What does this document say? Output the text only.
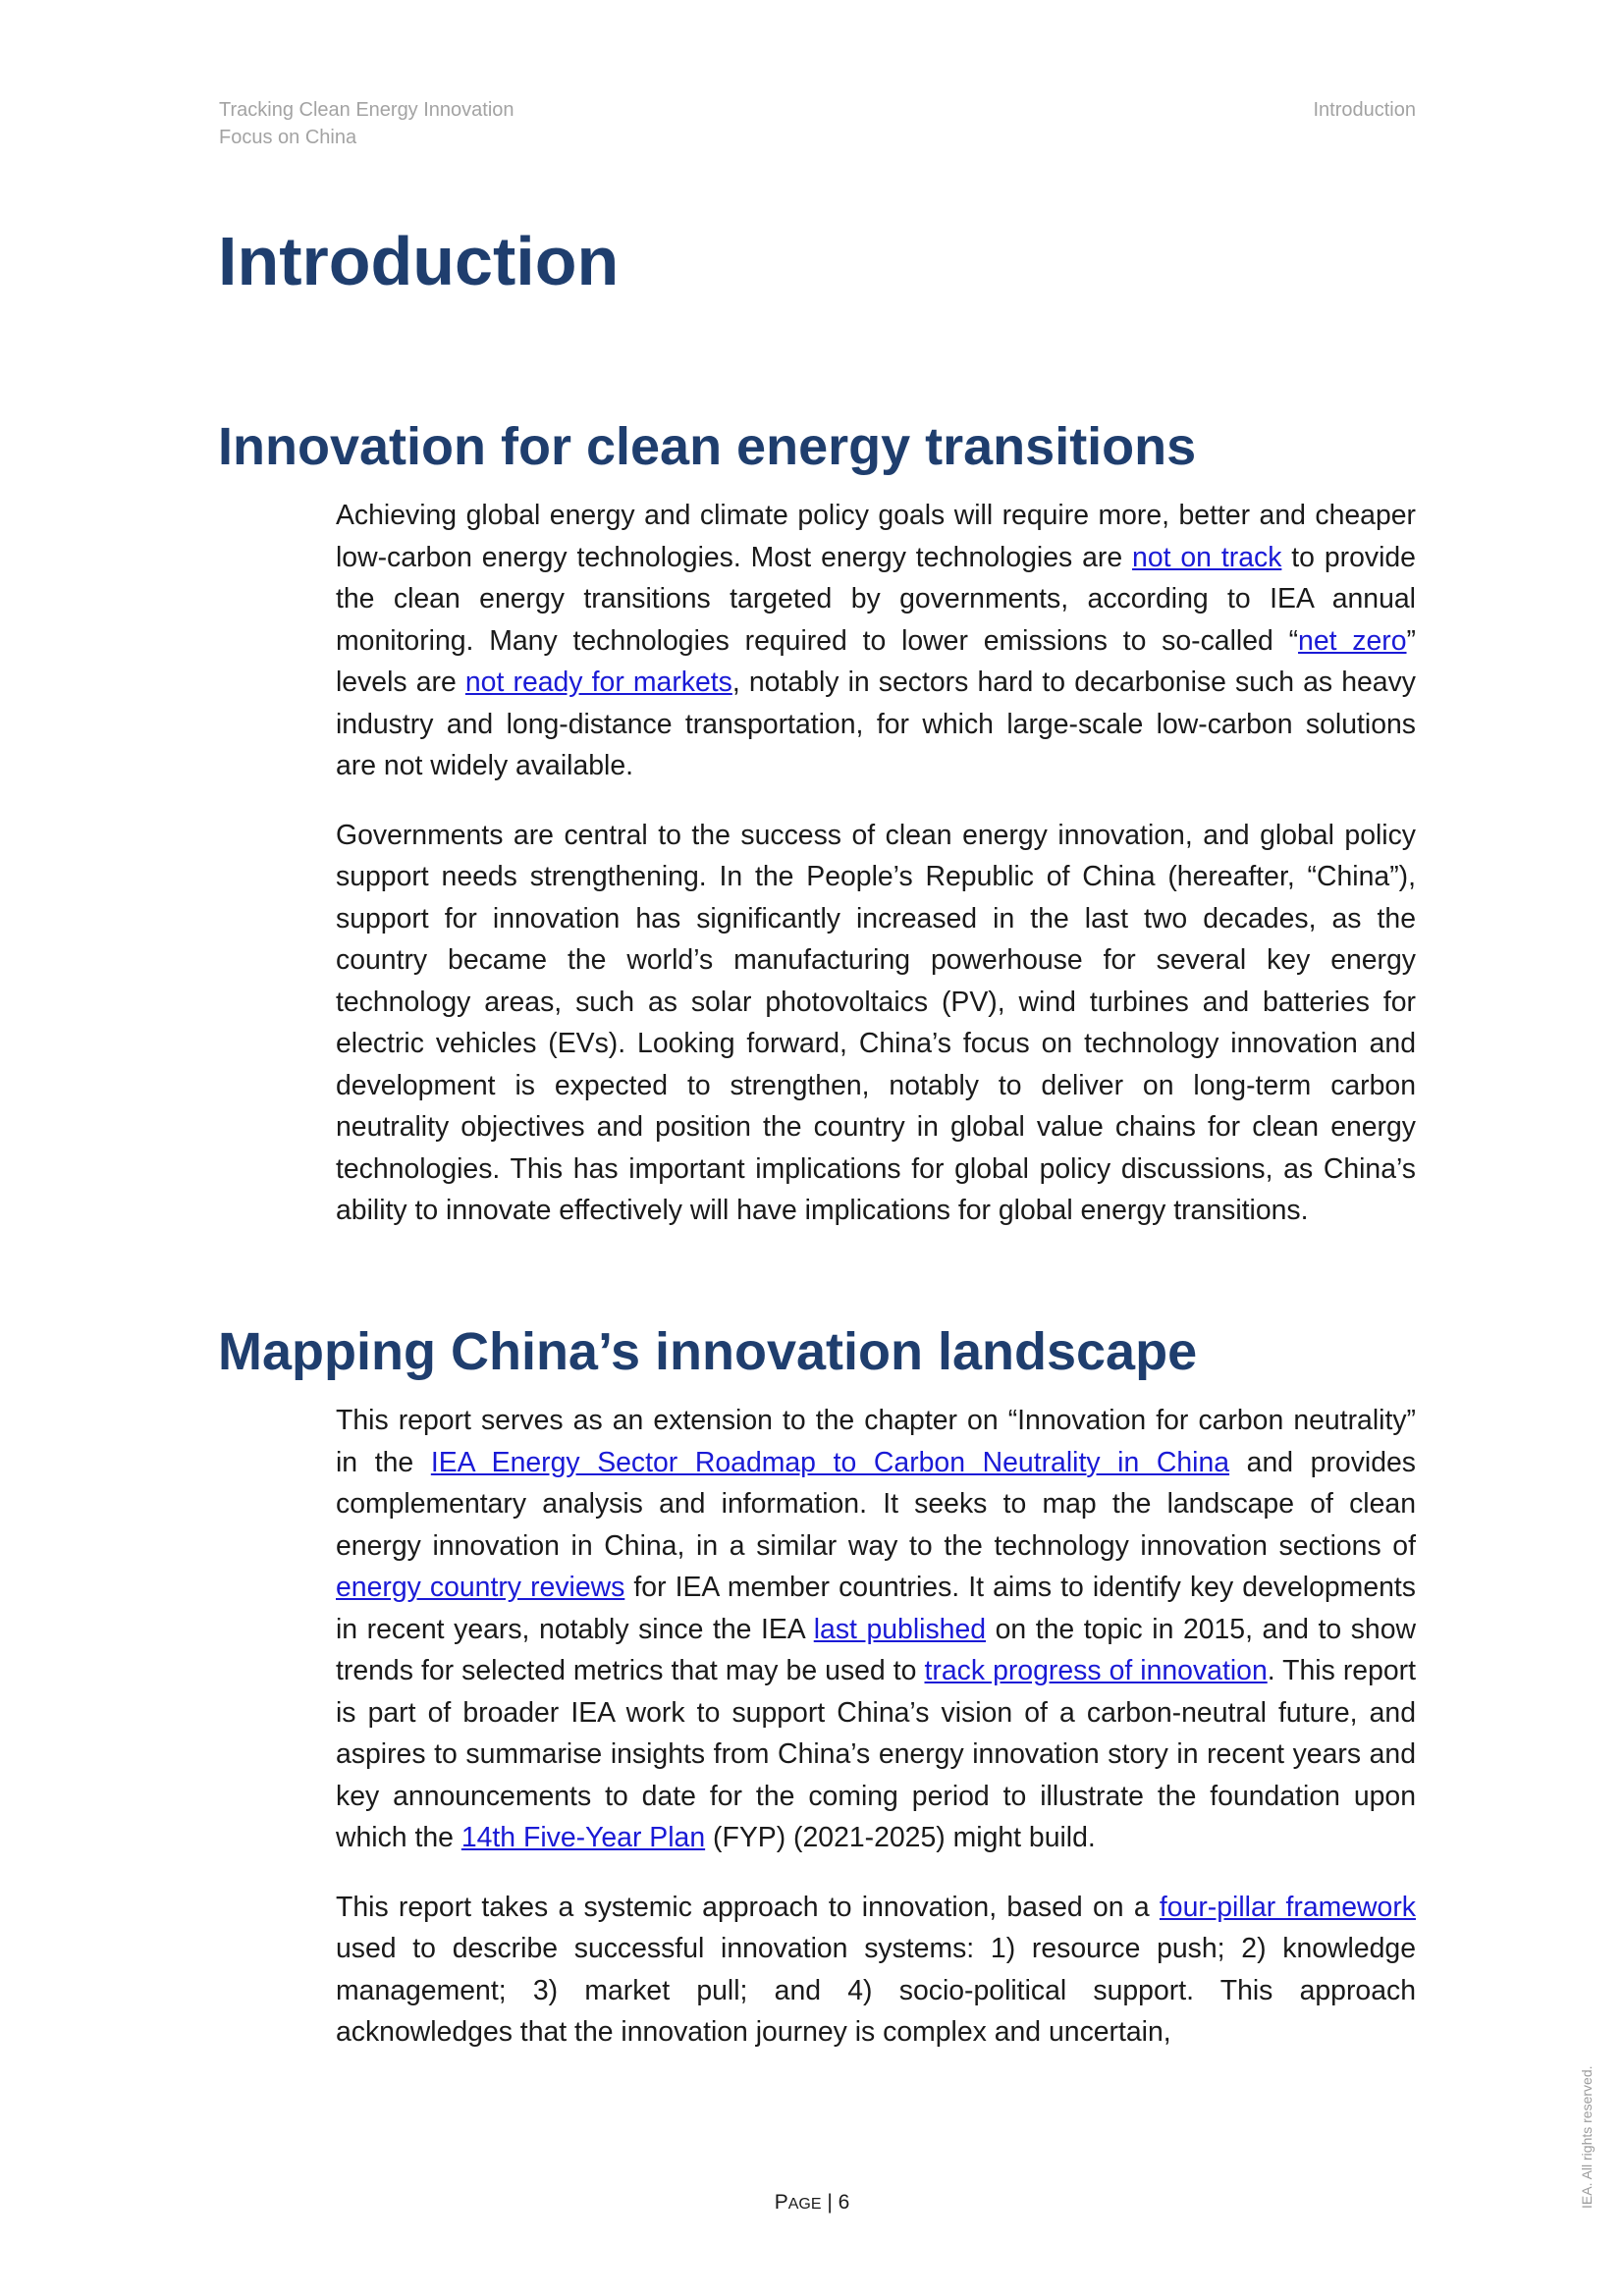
Tracking Clean Energy Innovation
Focus on China
Introduction
Introduction
Innovation for clean energy transitions

Achieving global energy and climate policy goals will require more, better and cheaper low-carbon energy technologies. Most energy technologies are not on track to provide the clean energy transitions targeted by governments, according to IEA annual monitoring. Many technologies required to lower emissions to so-called “net zero” levels are not ready for markets, notably in sectors hard to decarbonise such as heavy industry and long-distance transportation, for which large-scale low-carbon solutions are not widely available.

Governments are central to the success of clean energy innovation, and global policy support needs strengthening. In the People’s Republic of China (hereafter, “China”), support for innovation has significantly increased in the last two decades, as the country became the world’s manufacturing powerhouse for several key energy technology areas, such as solar photovoltaics (PV), wind turbines and batteries for electric vehicles (EVs). Looking forward, China’s focus on technology innovation and development is expected to strengthen, notably to deliver on long-term carbon neutrality objectives and position the country in global value chains for clean energy technologies. This has important implications for global policy discussions, as China’s ability to innovate effectively will have implications for global energy transitions.

Mapping China’s innovation landscape

This report serves as an extension to the chapter on “Innovation for carbon neutrality” in the IEA Energy Sector Roadmap to Carbon Neutrality in China and provides complementary analysis and information. It seeks to map the landscape of clean energy innovation in China, in a similar way to the technology innovation sections of energy country reviews for IEA member countries. It aims to identify key developments in recent years, notably since the IEA last published on the topic in 2015, and to show trends for selected metrics that may be used to track progress of innovation. This report is part of broader IEA work to support China’s vision of a carbon-neutral future, and aspires to summarise insights from China’s energy innovation story in recent years and key announcements to date for the coming period to illustrate the foundation upon which the 14th Five-Year Plan (FYP) (2021-2025) might build.

This report takes a systemic approach to innovation, based on a four-pillar framework used to describe successful innovation systems: 1) resource push; 2) knowledge management; 3) market pull; and 4) socio-political support. This approach acknowledges that the innovation journey is complex and uncertain,

PAGE | 6	IEA. All rights reserved.
